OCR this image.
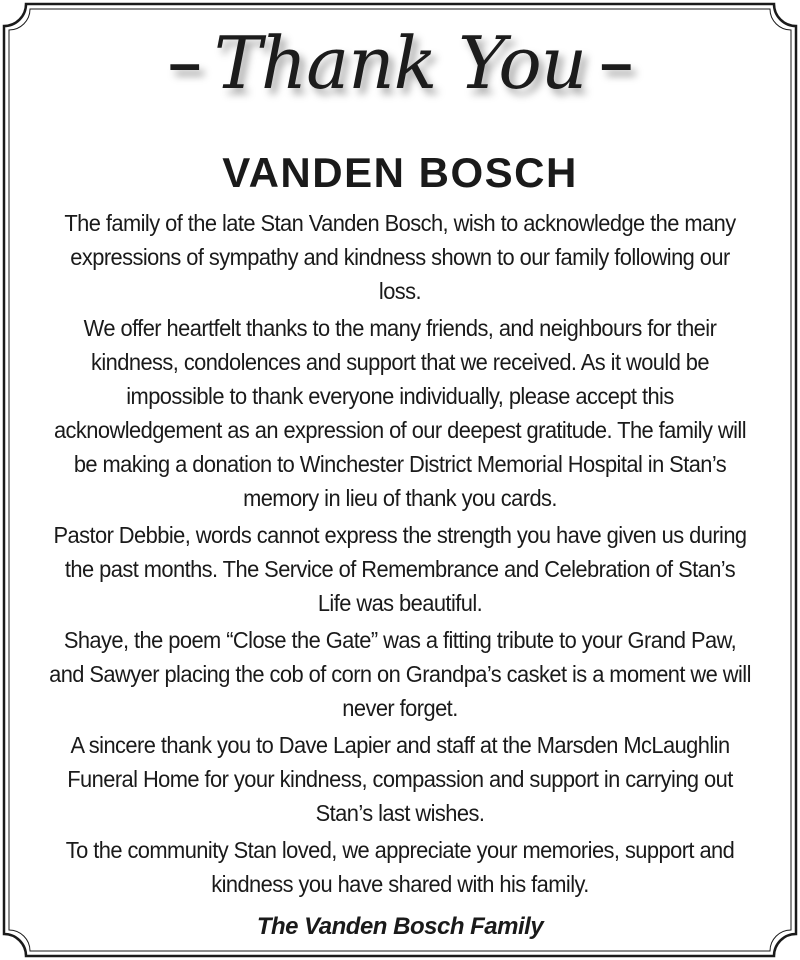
– Thank You –
VANDEN BOSCH

The family of the late Stan Vanden Bosch, wish to acknowledge the many expressions of sympathy and kindness shown to our family following our loss.

We offer heartfelt thanks to the many friends, and neighbours for their kindness, condolences and support that we received. As it would be impossible to thank everyone individually, please accept this acknowledgement as an expression of our deepest gratitude. The family will be making a donation to Winchester District Memorial Hospital in Stan’s memory in lieu of thank you cards.

Pastor Debbie, words cannot express the strength you have given us during the past months. The Service of Remembrance and Celebration of Stan’s Life was beautiful.

Shaye, the poem “Close the Gate” was a fitting tribute to your Grand Paw, and Sawyer placing the cob of corn on Grandpa’s casket is a moment we will never forget.

A sincere thank you to Dave Lapier and staff at the Marsden McLaughlin Funeral Home for your kindness, compassion and support in carrying out Stan’s last wishes.

To the community Stan loved, we appreciate your memories, support and kindness you have shared with his family.

The Vanden Bosch Family
